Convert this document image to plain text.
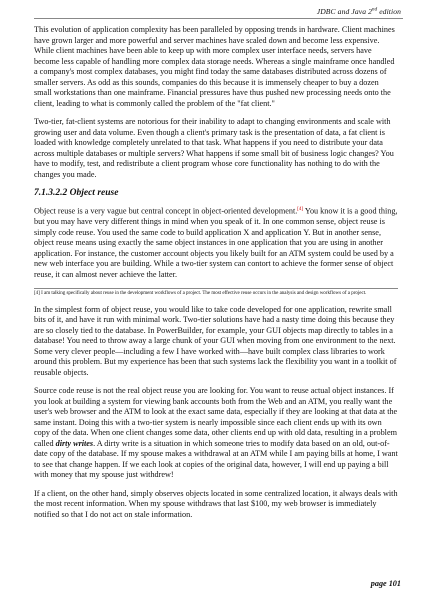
JDBC and Java 2nd edition

This evolution of application complexity has been paralleled by opposing trends in hardware. Client machines have grown larger and more powerful and server machines have scaled down and become less expensive. While client machines have been able to keep up with more complex user interface needs, servers have become less capable of handling more complex data storage needs. Whereas a single mainframe once handled a company's most complex databases, you might find today the same databases distributed across dozens of smaller servers. As odd as this sounds, companies do this because it is immensely cheaper to buy a dozen small workstations than one mainframe. Financial pressures have thus pushed new processing needs onto the client, leading to what is commonly called the problem of the "fat client."

Two-tier, fat-client systems are notorious for their inability to adapt to changing environments and scale with growing user and data volume. Even though a client's primary task is the presentation of data, a fat client is loaded with knowledge completely unrelated to that task. What happens if you need to distribute your data across multiple databases or multiple servers? What happens if some small bit of business logic changes? You have to modify, test, and redistribute a client program whose core functionality has nothing to do with the changes you made.

7.1.3.2.2 Object reuse

Object reuse is a very vague but central concept in object-oriented development.[4] You know it is a good thing, but you may have very different things in mind when you speak of it. In one common sense, object reuse is simply code reuse. You used the same code to build application X and application Y. But in another sense, object reuse means using exactly the same object instances in one application that you are using in another application. For instance, the customer account objects you likely built for an ATM system could be used by a new web interface you are building. While a two-tier system can contort to achieve the former sense of object reuse, it can almost never achieve the latter.

[4] I am talking specifically about reuse in the development workflows of a project. The most effective reuse occurs in the analysis and design workflows of a project.

In the simplest form of object reuse, you would like to take code developed for one application, rewrite small bits of it, and have it run with minimal work. Two-tier solutions have had a nasty time doing this because they are so closely tied to the database. In PowerBuilder, for example, your GUI objects map directly to tables in a database! You need to throw away a large chunk of your GUI when moving from one environment to the next. Some very clever people—including a few I have worked with—have built complex class libraries to work around this problem. But my experience has been that such systems lack the flexibility you want in a toolkit of reusable objects.

Source code reuse is not the real object reuse you are looking for. You want to reuse actual object instances. If you look at building a system for viewing bank accounts both from the Web and an ATM, you really want the user's web browser and the ATM to look at the exact same data, especially if they are looking at that data at the same instant. Doing this with a two-tier system is nearly impossible since each client ends up with its own copy of the data. When one client changes some data, other clients end up with old data, resulting in a problem called dirty writes. A dirty write is a situation in which someone tries to modify data based on an old, out-of-date copy of the database. If my spouse makes a withdrawal at an ATM while I am paying bills at home, I want to see that change happen. If we each look at copies of the original data, however, I will end up paying a bill with money that my spouse just withdrew!

If a client, on the other hand, simply observes objects located in some centralized location, it always deals with the most recent information. When my spouse withdraws that last $100, my web browser is immediately notified so that I do not act on stale information.

page 101
